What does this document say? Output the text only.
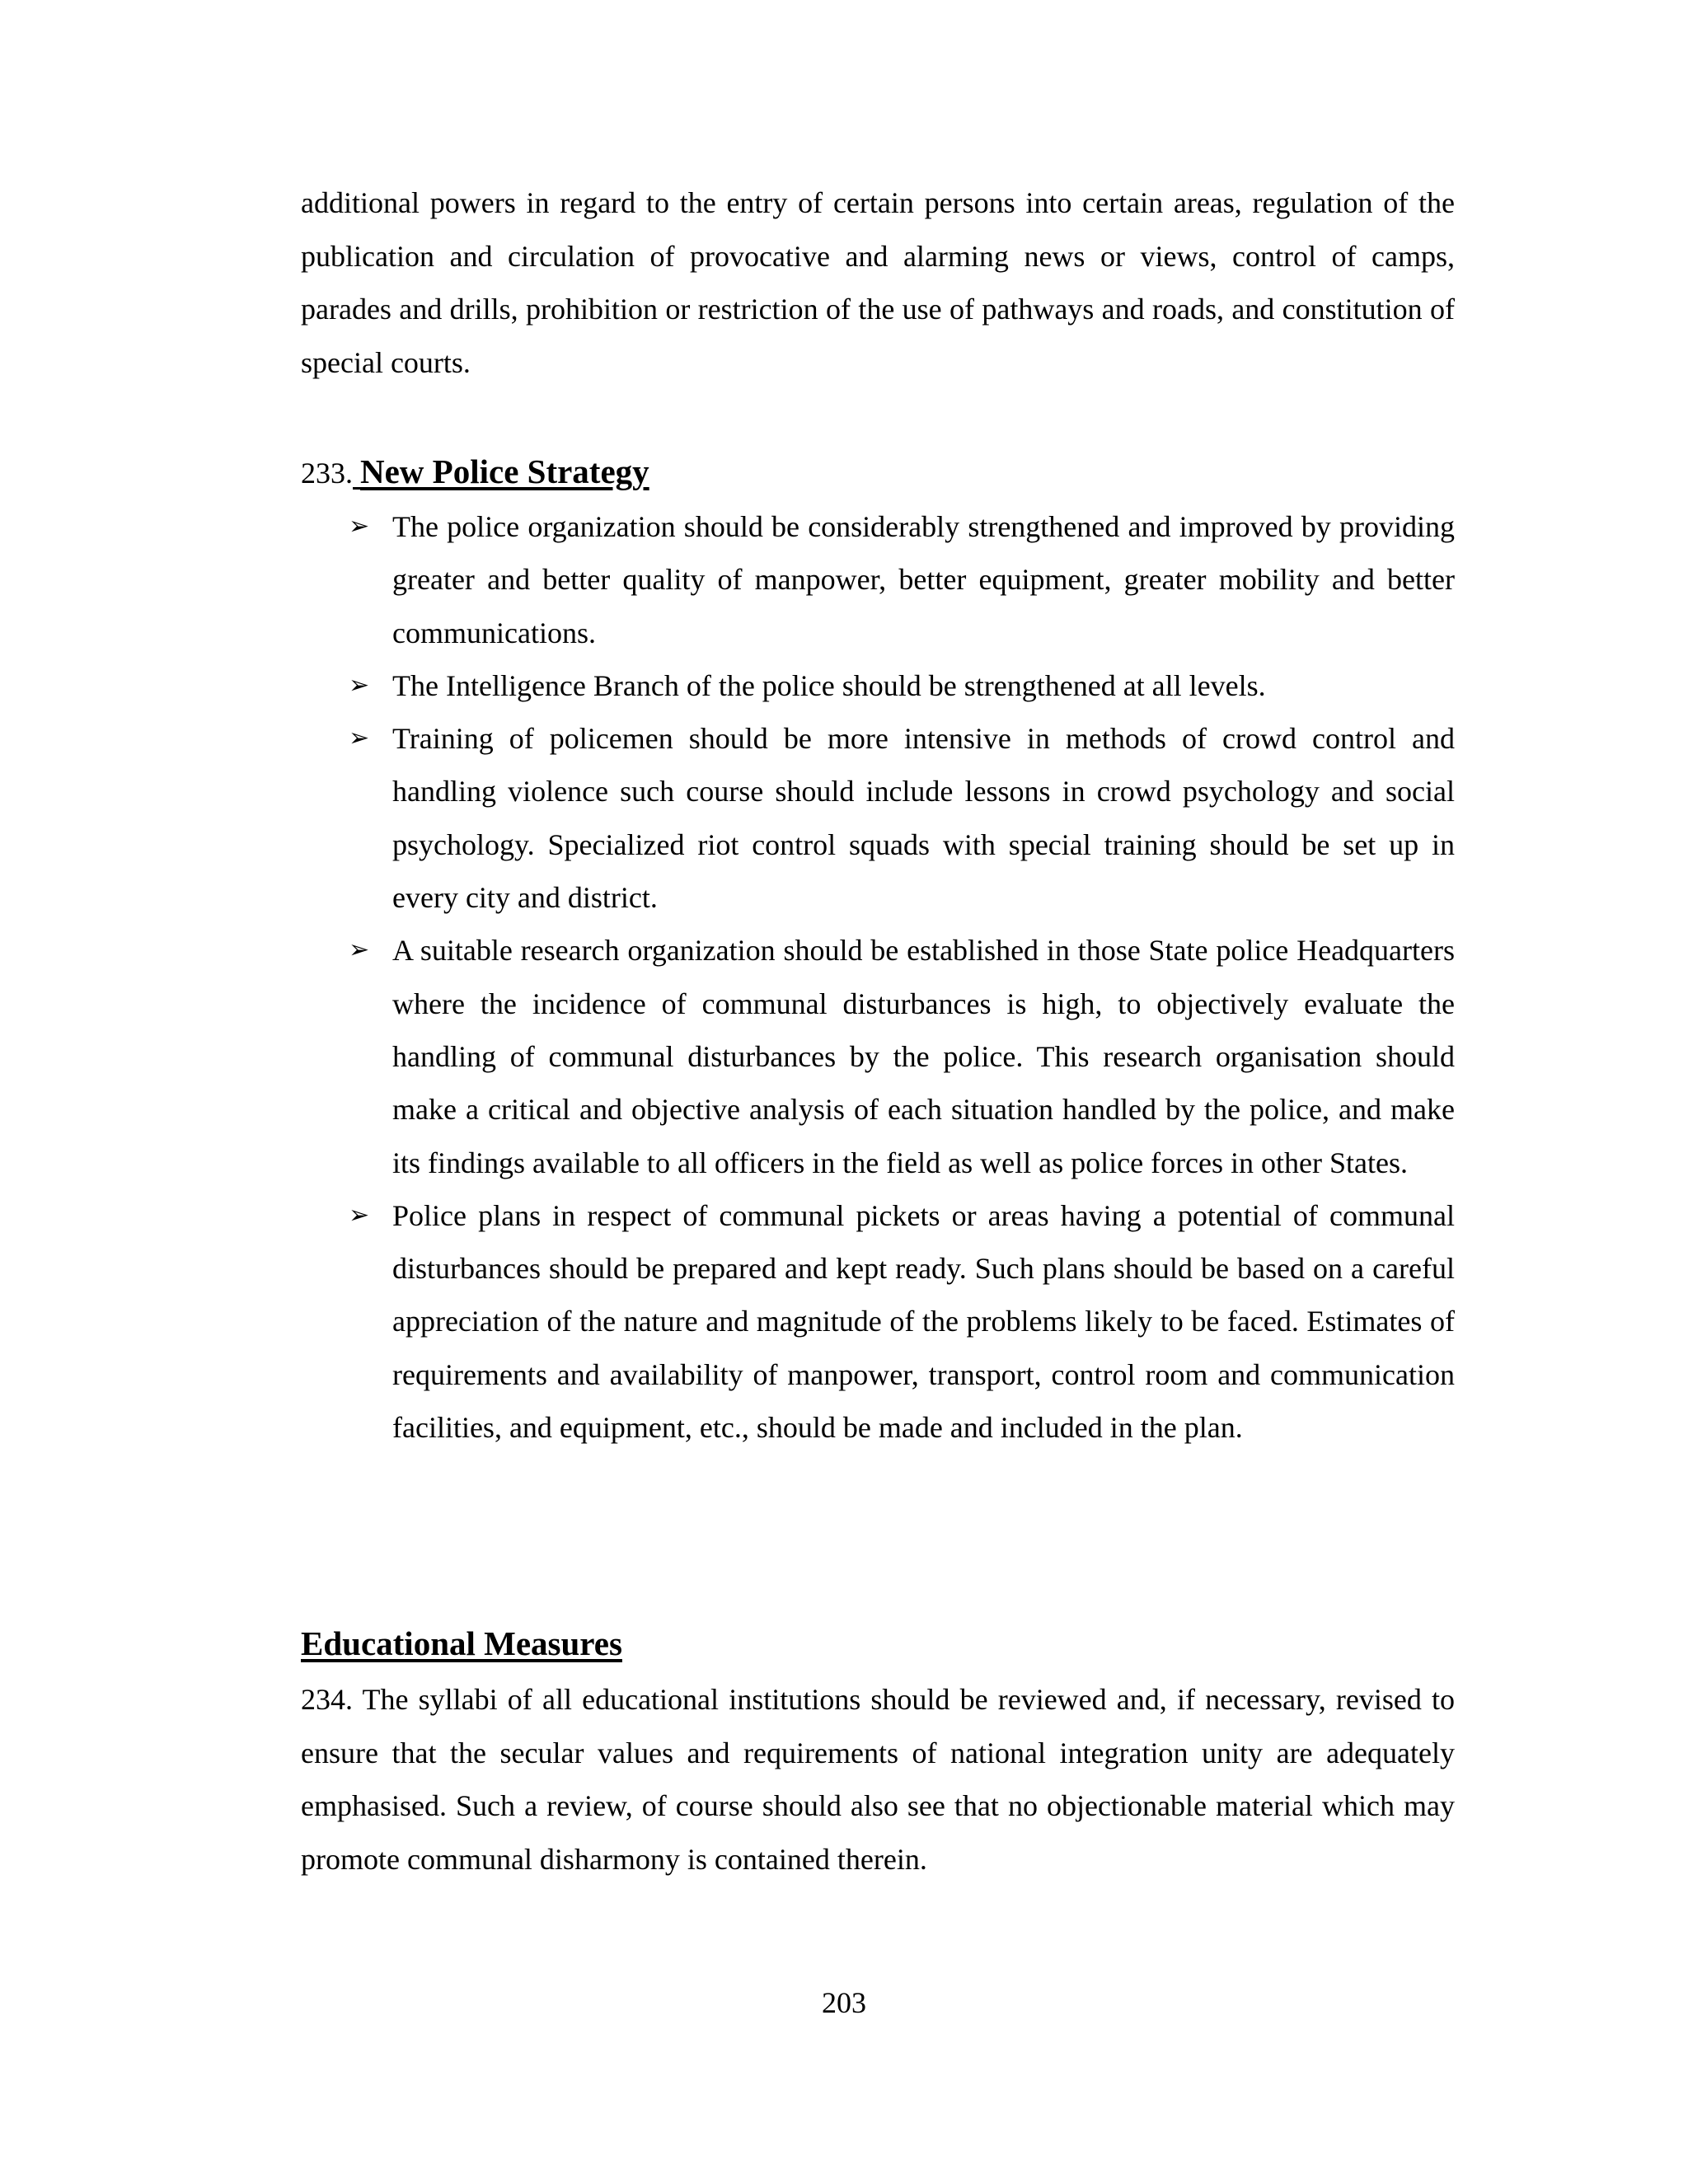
additional powers in regard to the entry of certain persons into certain areas, regulation of the publication and circulation of provocative and alarming news or views, control of camps, parades and drills, prohibition or restriction of the use of pathways and roads, and constitution of special courts.

233. New Police Strategy

➢ The police organization should be considerably strengthened and improved by providing greater and better quality of manpower, better equipment, greater mobility and better communications.
➢ The Intelligence Branch of the police should be strengthened at all levels.
➢ Training of policemen should be more intensive in methods of crowd control and handling violence such course should include lessons in crowd psychology and social psychology. Specialized riot control squads with special training should be set up in every city and district.
➢ A suitable research organization should be established in those State police Headquarters where the incidence of communal disturbances is high, to objectively evaluate the handling of communal disturbances by the police. This research organisation should make a critical and objective analysis of each situation handled by the police, and make its findings available to all officers in the field as well as police forces in other States.
➢ Police plans in respect of communal pickets or areas having a potential of communal disturbances should be prepared and kept ready. Such plans should be based on a careful appreciation of the nature and magnitude of the problems likely to be faced. Estimates of requirements and availability of manpower, transport, control room and communication facilities, and equipment, etc., should be made and included in the plan.

Educational Measures

234. The syllabi of all educational institutions should be reviewed and, if necessary, revised to ensure that the secular values and requirements of national integration unity are adequately emphasised. Such a review, of course should also see that no objectionable material which may promote communal disharmony is contained therein.

203
